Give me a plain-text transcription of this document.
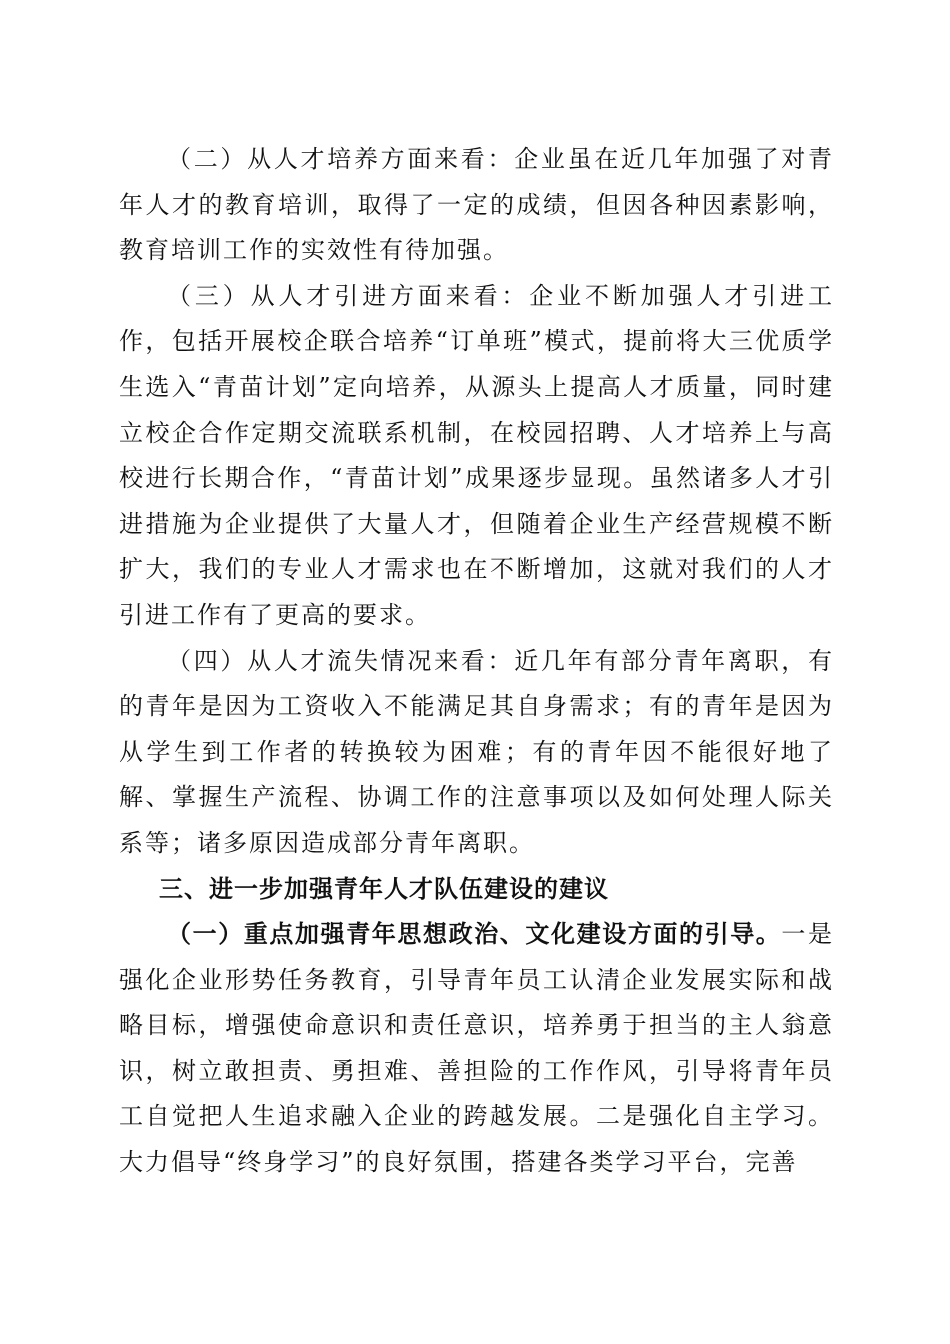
（二）从人才培养方面来看：企业虽在近几年加强了对青年人才的教育培训，取得了一定的成绩，但因各种因素影响，教育培训工作的实效性有待加强。

（三）从人才引进方面来看：企业不断加强人才引进工作，包括开展校企联合培养“订单班”模式，提前将大三优质学生选入“青苗计划”定向培养，从源头上提高人才质量，同时建立校企合作定期交流联系机制，在校园招聘、人才培养上与高校进行长期合作，“青苗计划”成果逐步显现。虽然诸多人才引进措施为企业提供了大量人才，但随着企业生产经营规模不断扩大，我们的专业人才需求也在不断增加，这就对我们的人才引进工作有了更高的要求。

（四）从人才流失情况来看：近几年有部分青年离职，有的青年是因为工资收入不能满足其自身需求；有的青年是因为从学生到工作者的转换较为困难；有的青年因不能很好地了解、掌握生产流程、协调工作的注意事项以及如何处理人际关系等；诸多原因造成部分青年离职。

三、进一步加强青年人才队伍建设的建议

（一）重点加强青年思想政治、文化建设方面的引导。一是强化企业形势任务教育，引导青年员工认清企业发展实际和战略目标，增强使命意识和责任意识，培养勇于担当的主人翁意识，树立敢担责、勇担难、善担险的工作作风，引导将青年员工自觉把人生追求融入企业的跨越发展。二是强化自主学习。大力倡导“终身学习”的良好氛围，搭建各类学习平台，完善
